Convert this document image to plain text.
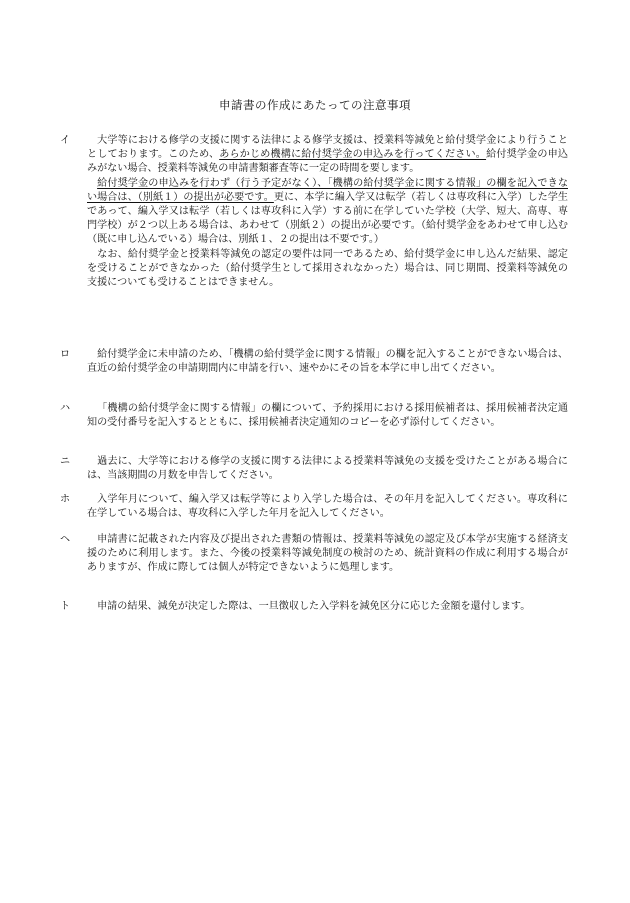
申請書の作成にあたっての注意事項
イ	大学等における修学の支援に関する法律による修学支援は、授業料等減免と給付奨学金により行うこととしております。このため、あらかじめ機構に給付奨学金の申込みを行ってください。給付奨学金の申込みがない場合、授業料等減免の申請書類審査等に一定の時間を要します。

給付奨学金の申込みを行わず（行う予定がなく）、「機構の給付奨学金に関する情報」の欄を記入できない場合は、（別紙１）の提出が必要です。更に、本学に編入学又は転学（若しくは専攻科に入学）した学生であって、編入学又は転学（若しくは専攻科に入学）する前に在学していた学校（大学、短大、高専、専門学校）が２つ以上ある場合は、あわせて（別紙２）の提出が必要です。（給付奨学金をあわせて申し込む（既に申し込んでいる）場合は、別紙１、２の提出は不要です。）

なお、給付奨学金と授業料等減免の認定の要件は同一であるため、給付奨学金に申し込んだ結果、認定を受けることができなかった（給付奨学生として採用されなかった）場合は、同じ期間、授業料等減免の支援についても受けることはできません。

ロ	給付奨学金に未申請のため、「機構の給付奨学金に関する情報」の欄を記入することができない場合は、直近の給付奨学金の申請期間内に申請を行い、速やかにその旨を本学に申し出てください。

ハ	「機構の給付奨学金に関する情報」の欄について、予約採用における採用候補者は、採用候補者決定通知の受付番号を記入するとともに、採用候補者決定通知のコピーを必ず添付してください。

ニ	過去に、大学等における修学の支援に関する法律による授業料等減免の支援を受けたことがある場合には、当該期間の月数を申告してください。

ホ	入学年月について、編入学又は転学等により入学した場合は、その年月を記入してください。専攻科に在学している場合は、専攻科に入学した年月を記入してください。

ヘ	申請書に記載された内容及び提出された書類の情報は、授業料等減免の認定及び本学が実施する経済支援のために利用します。また、今後の授業料等減免制度の検討のため、統計資料の作成に利用する場合がありますが、作成に際しては個人が特定できないように処理します。

ト	申請の結果、減免が決定した際は、一旦徴収した入学料を減免区分に応じた金額を還付します。
